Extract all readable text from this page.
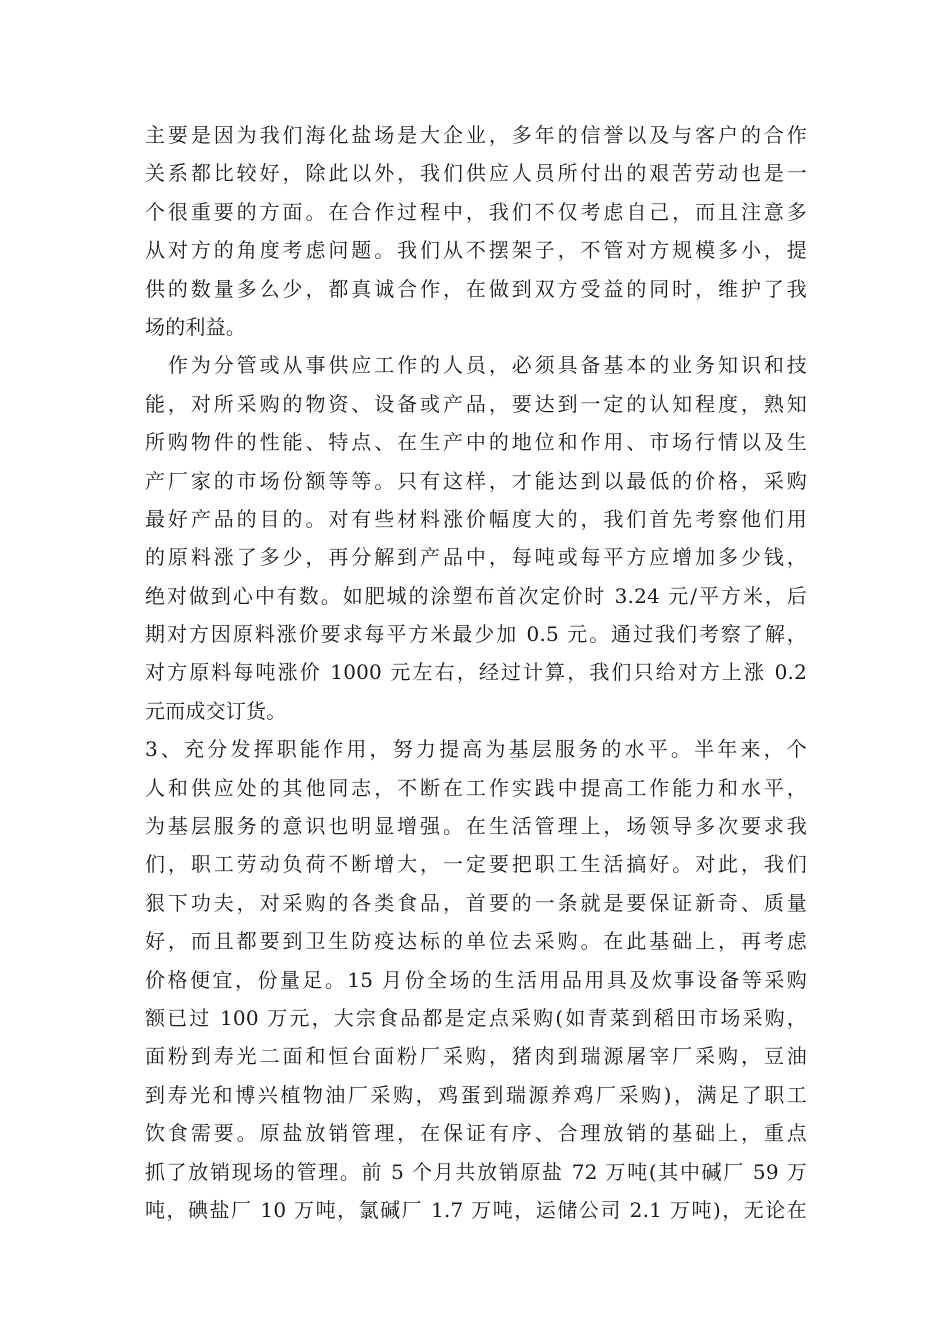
主要是因为我们海化盐场是大企业，多年的信誉以及与客户的合作
关系都比较好，除此以外，我们供应人员所付出的艰苦劳动也是一
个很重要的方面。在合作过程中，我们不仅考虑自己，而且注意多
从对方的角度考虑问题。我们从不摆架子，不管对方规模多小，提
供的数量多么少，都真诚合作，在做到双方受益的同时，维护了我
场的利益。
　作为分管或从事供应工作的人员，必须具备基本的业务知识和技
能，对所采购的物资、设备或产品，要达到一定的认知程度，熟知
所购物件的性能、特点、在生产中的地位和作用、市场行情以及生
产厂家的市场份额等等。只有这样，才能达到以最低的价格，采购
最好产品的目的。对有些材料涨价幅度大的，我们首先考察他们用
的原料涨了多少，再分解到产品中，每吨或每平方应增加多少钱，
绝对做到心中有数。如肥城的涂塑布首次定价时 3.24 元/平方米，后
期对方因原料涨价要求每平方米最少加 0.5 元。通过我们考察了解，
对方原料每吨涨价 1000 元左右，经过计算，我们只给对方上涨 0.2
元而成交订货。
3、充分发挥职能作用，努力提高为基层服务的水平。半年来，个
人和供应处的其他同志，不断在工作实践中提高工作能力和水平，
为基层服务的意识也明显增强。在生活管理上，场领导多次要求我
们，职工劳动负荷不断增大，一定要把职工生活搞好。对此，我们
狠下功夫，对采购的各类食品，首要的一条就是要保证新奇、质量
好，而且都要到卫生防疫达标的单位去采购。在此基础上，再考虑
价格便宜，份量足。15 月份全场的生活用品用具及炊事设备等采购
额已过 100 万元，大宗食品都是定点采购(如青菜到稻田市场采购，
面粉到寿光二面和恒台面粉厂采购，猪肉到瑞源屠宰厂采购，豆油
到寿光和博兴植物油厂采购，鸡蛋到瑞源养鸡厂采购)，满足了职工
饮食需要。原盐放销管理，在保证有序、合理放销的基础上，重点
抓了放销现场的管理。前 5 个月共放销原盐 72 万吨(其中碱厂 59 万
吨，碘盐厂 10 万吨，氯碱厂 1.7 万吨，运储公司 2.1 万吨)，无论在
